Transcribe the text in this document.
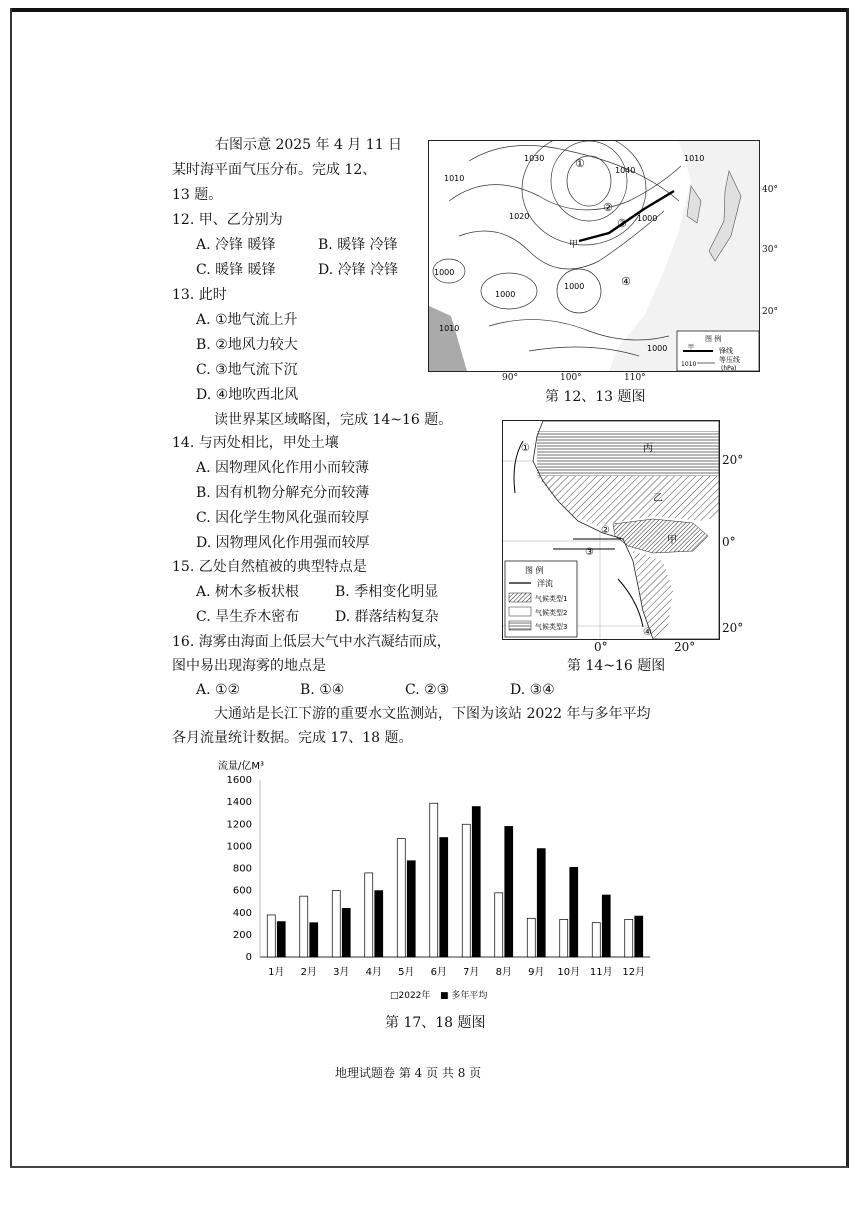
右图示意 2025 年 4 月 11 日
某时海平面气压分布。完成 12、
13 题。
12. 甲、乙分别为
A. 冷锋 暖锋	B. 暖锋 冷锋
C. 暖锋 暖锋	D. 冷锋 冷锋
13. 此时
A. ①地气流上升
B. ②地风力较大
C. ③地气流下沉
D. ④地吹西北风
1030
1040
1010
1020	1000
1000
1000
1010
1010
1000
1000
①
②
③
④
甲
图 例
甲	锋线
1010
等压线
(hPa)
40°
30°
20°
90°	100°	110°
第 12、13 题图
读世界某区域略图，完成 14~16 题。
14. 与丙处相比，甲处土壤
A. 因物理风化作用小而较薄
B. 因有机物分解充分而较薄
C. 因化学生物风化强而较厚
D. 因物理风化作用强而较厚
15. 乙处自然植被的典型特点是
A. 树木多板状根	B. 季相变化明显
C. 旱生乔木密布	D. 群落结构复杂
16. 海雾由海面上低层大气中水汽凝结而成，
图中易出现海雾的地点是
A. ①②	B. ①④	C. ②③	D. ③④
①
②
③
④
丙
乙
甲
图 例
洋流
气候类型1
气候类型2
气候类型3
20°
0°
20°
0°	20°
第 14~16 题图
大通站是长江下游的重要水文监测站，下图为该站 2022 年与多年平均
各月流量统计数据。完成 17、18 题。
流量/亿M³
0
200
400
600
800
1000
1200
1400
1600
1月 2月 3月 4月 5月 6月 7月 8月 9月 10月 11月 12月
□2022年 ■ 多年平均
第 17、18 题图
地理试题卷 第 4 页 共 8 页
